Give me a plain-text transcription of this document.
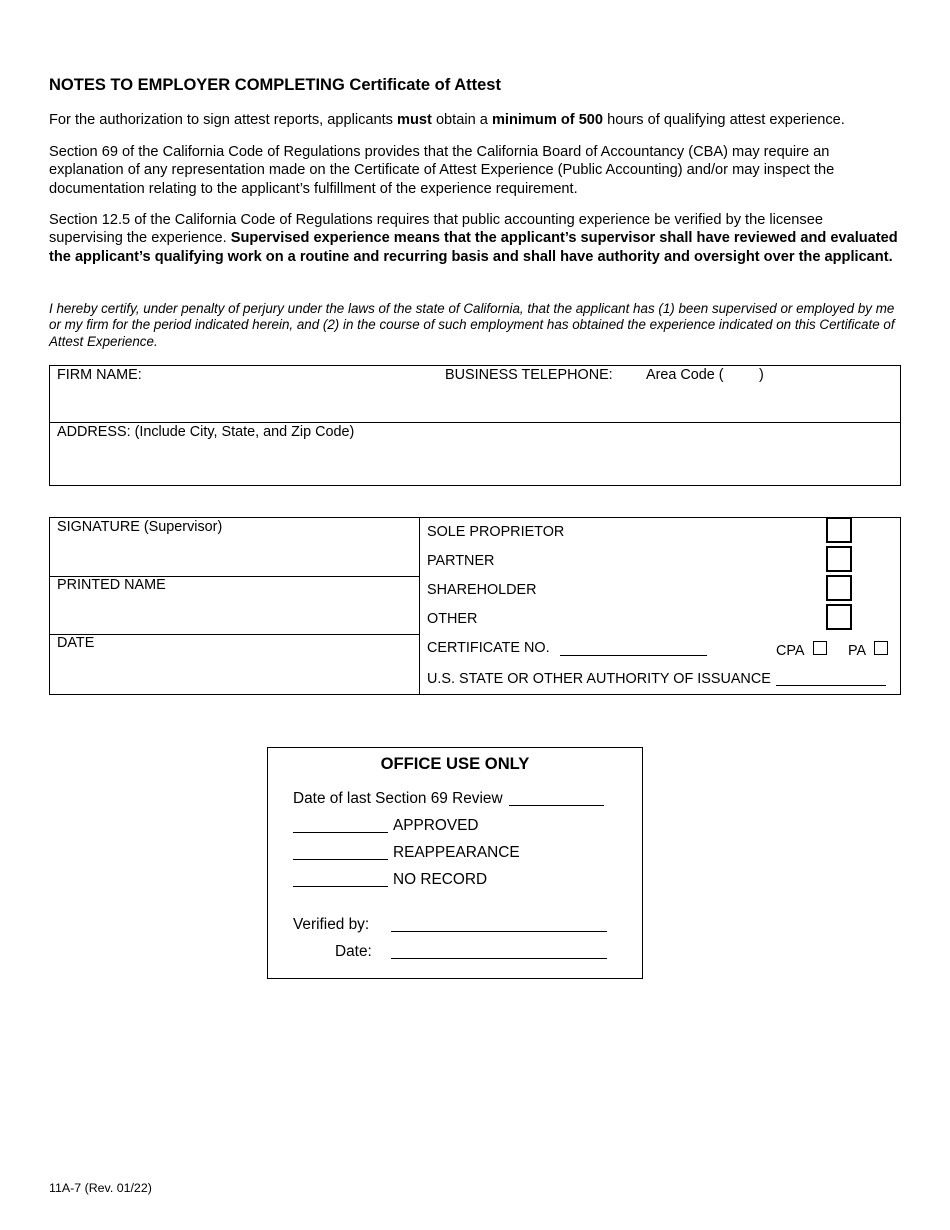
NOTES TO EMPLOYER COMPLETING Certificate of Attest

For the authorization to sign attest reports, applicants must obtain a minimum of 500 hours of qualifying attest experience.

Section 69 of the California Code of Regulations provides that the California Board of Accountancy (CBA) may require an explanation of any representation made on the Certificate of Attest Experience (Public Accounting) and/or may inspect the documentation relating to the applicant’s fulfillment of the experience requirement.

Section 12.5 of the California Code of Regulations requires that public accounting experience be verified by the licensee supervising the experience. Supervised experience means that the applicant’s supervisor shall have reviewed and evaluated the applicant’s qualifying work on a routine and recurring basis and shall have authority and oversight over the applicant.

I hereby certify, under penalty of perjury under the laws of the state of California, that the applicant has (1) been supervised or employed by me or my firm for the period indicated herein, and (2) in the course of such employment has obtained the experience indicated on this Certificate of Attest Experience.

FIRM NAME:	BUSINESS TELEPHONE: Area Code ( )
ADDRESS: (Include City, State, and Zip Code)
SIGNATURE (Supervisor)
PRINTED NAME
DATE
SOLE PROPRIETOR
PARTNER
SHAREHOLDER
OTHER
CERTIFICATE NO.	CPA	PA
U.S. STATE OR OTHER AUTHORITY OF ISSUANCE
OFFICE USE ONLY
Date of last Section 69 Review
APPROVED
REAPPEARANCE
NO RECORD
Verified by:
Date:
11A-7 (Rev. 01/22)
